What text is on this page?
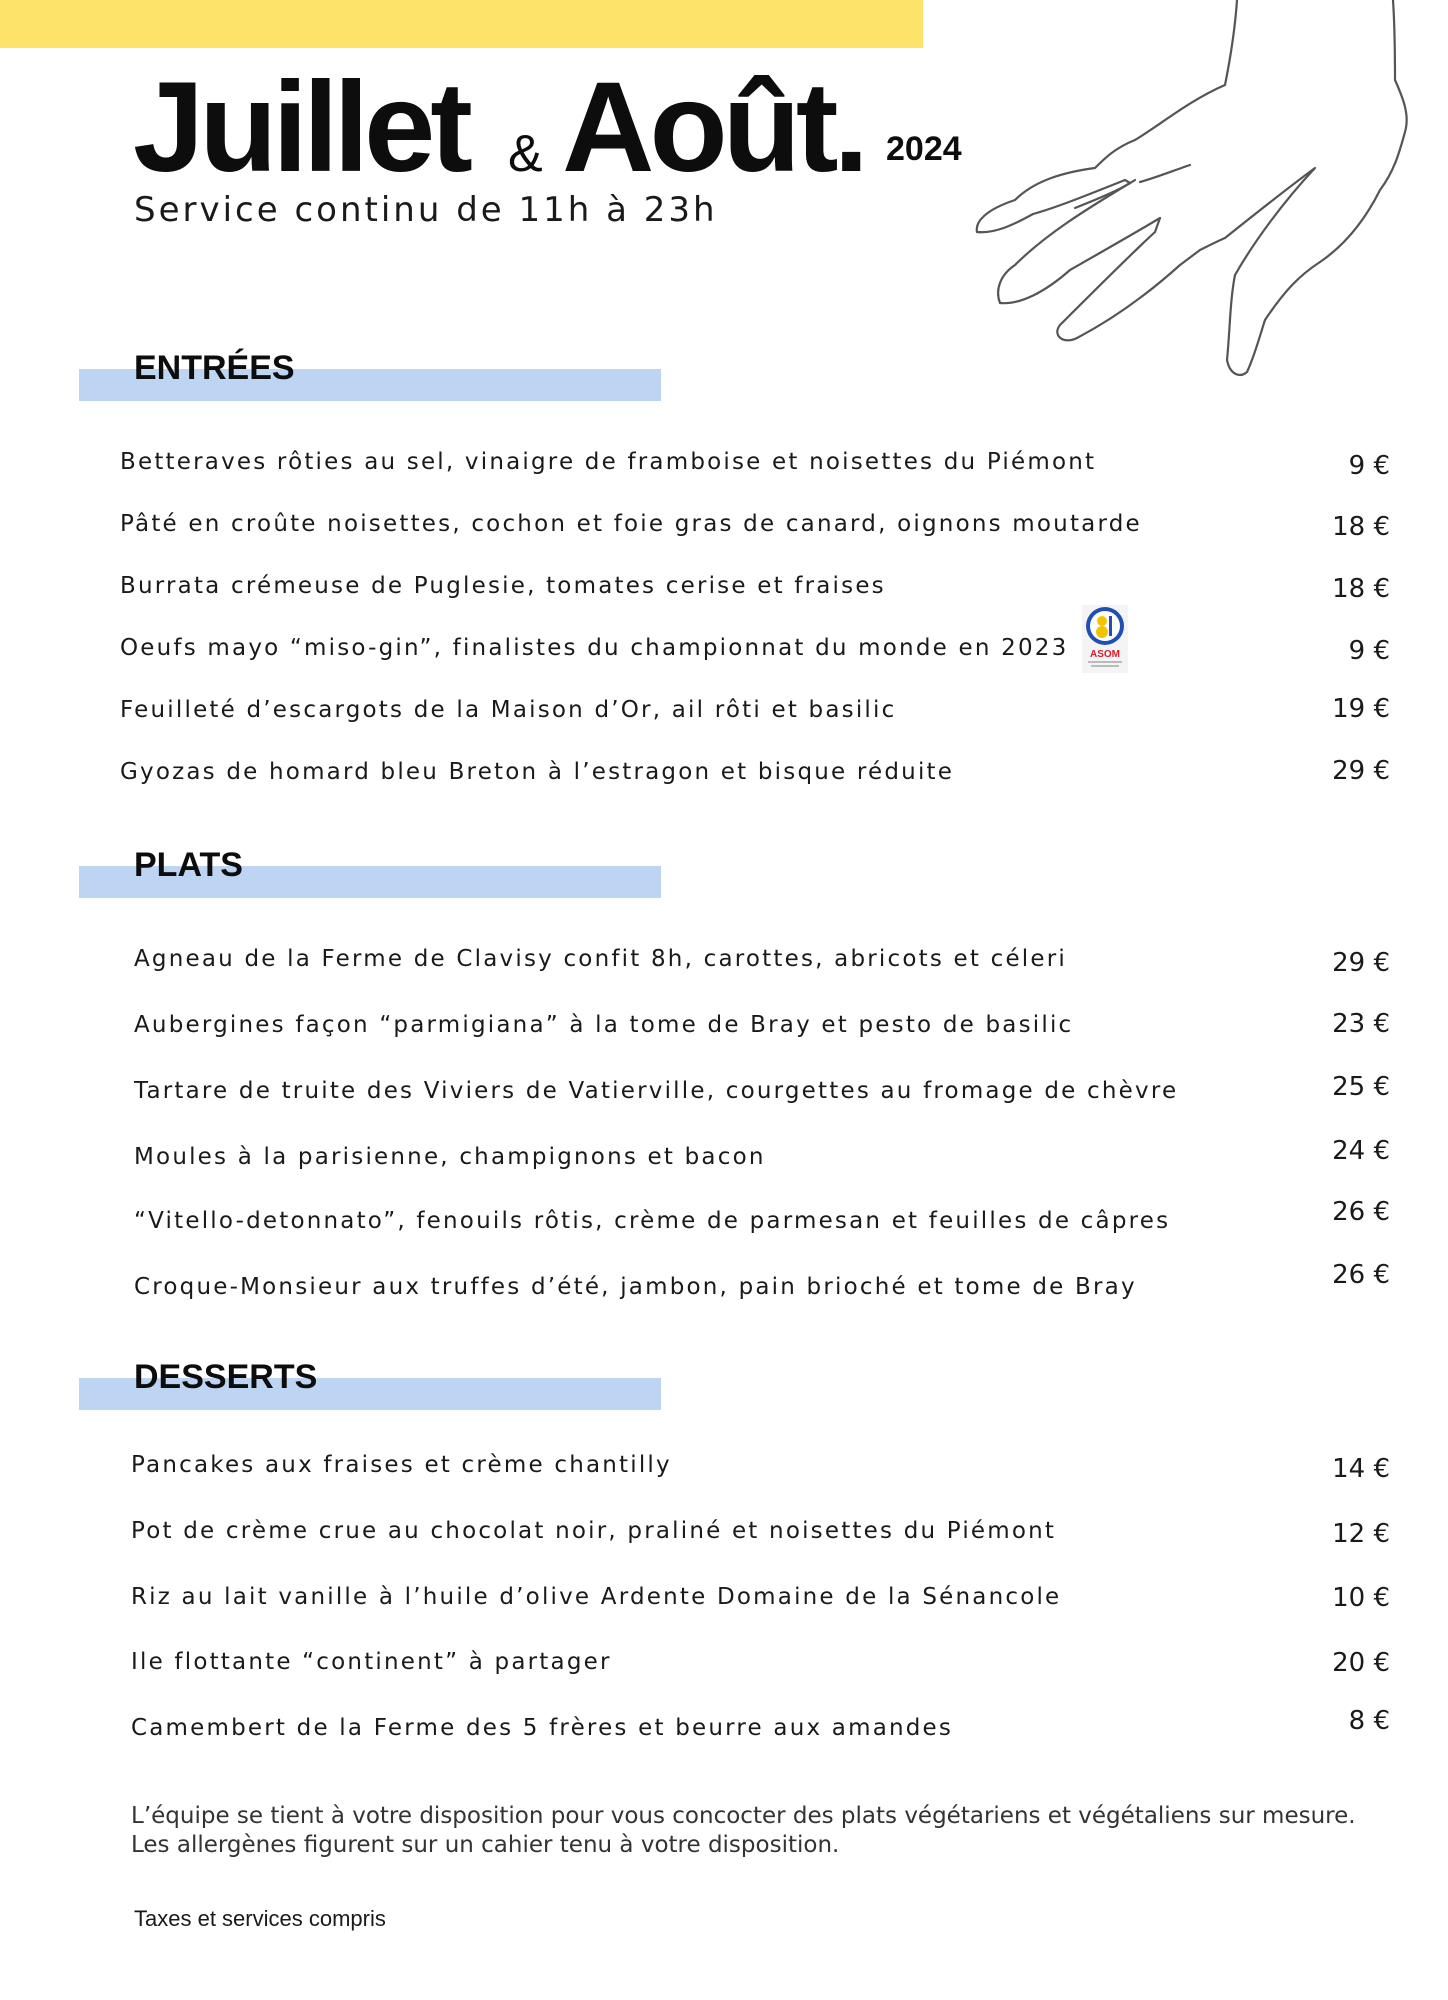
Juillet & Août. 2024
Service continu de 11h à 23h
ASOM
ENTRÉES
Betteraves rôties au sel, vinaigre de framboise et noisettes du Piémont	9 €
Pâté en croûte noisettes, cochon et foie gras de canard, oignons moutarde	18 €
Burrata crémeuse de Puglesie, tomates cerise et fraises	18 €
Oeufs mayo “miso-gin”, finalistes du championnat du monde en 2023	9 €
Feuilleté d’escargots de la Maison d’Or, ail rôti et basilic	19 €
Gyozas de homard bleu Breton à l’estragon et bisque réduite	29 €
PLATS
Agneau de la Ferme de Clavisy confit 8h, carottes, abricots et céleri	29 €
Aubergines façon “parmigiana” à la tome de Bray et pesto de basilic	23 €
Tartare de truite des Viviers de Vatierville, courgettes au fromage de chèvre	25 €
Moules à la parisienne, champignons et bacon	24 €
“Vitello-detonnato”, fenouils rôtis, crème de parmesan et feuilles de câpres	26 €
Croque-Monsieur aux truffes d’été, jambon, pain brioché et tome de Bray	26 €
DESSERTS
Pancakes aux fraises et crème chantilly	14 €
Pot de crème crue au chocolat noir, praliné et noisettes du Piémont	12 €
Riz au lait vanille à l’huile d’olive Ardente Domaine de la Sénancole	10 €
Ile flottante “continent” à partager	20 €
Camembert de la Ferme des 5 frères et beurre aux amandes	8 €
L’équipe se tient à votre disposition pour vous concocter des plats végétariens et végétaliens sur mesure.
Les allergènes figurent sur un cahier tenu à votre disposition.
Taxes et services compris
